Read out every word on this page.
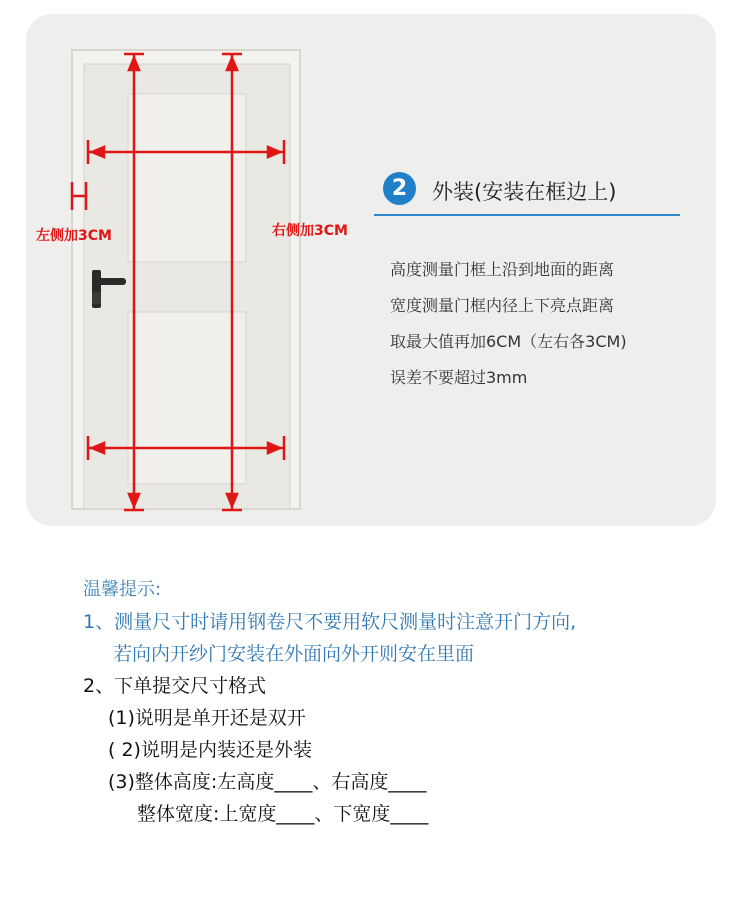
左侧加3CM	右侧加3CM
2	外装(安装在框边上)
高度测量门框上沿到地面的距离
宽度测量门框内径上下亮点距离
取最大值再加6CM（左右各3CM)
误差不要超过3mm
温馨提示:
1、测量尺寸时请用钢卷尺不要用软尺测量时注意开门方向,
若向内开纱门安装在外面向外开则安在里面
2、下单提交尺寸格式
(1)说明是单开还是双开
( 2)说明是内装还是外装
(3)整体高度:左高度____、右高度____
整体宽度:上宽度____、下宽度____
